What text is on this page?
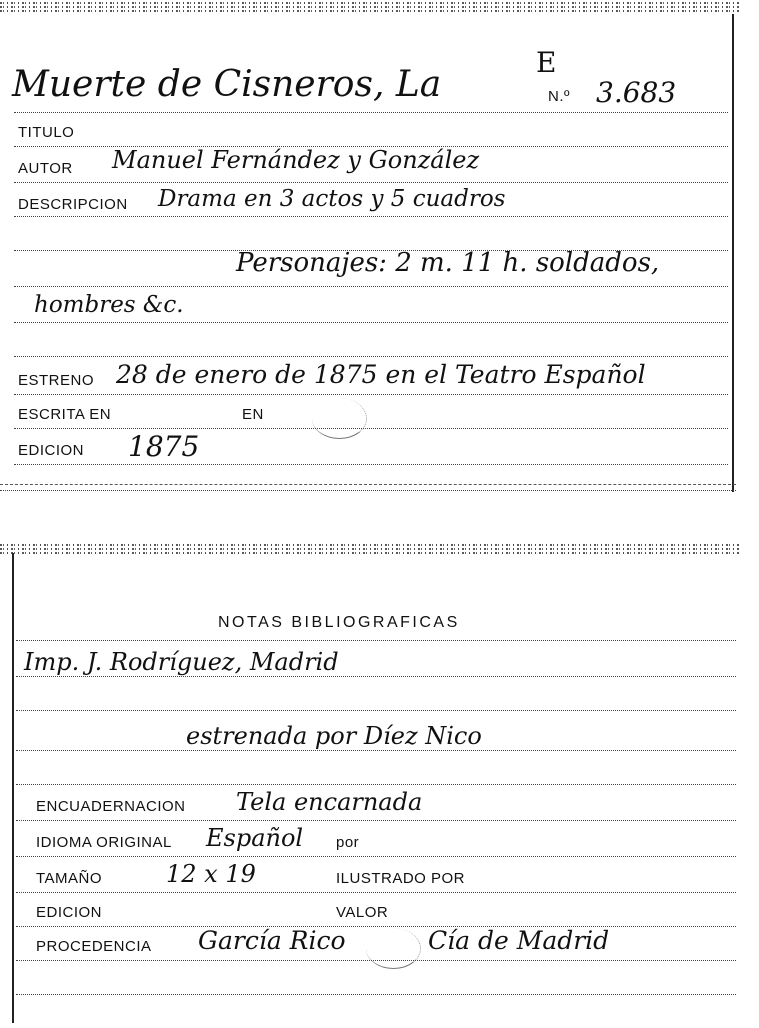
Muerte de Cisneros, La
E
N.º 3.683
TITULO
AUTOR Manuel Fernández y González
DESCRIPCION Drama en 3 actos y 5 cuadros
Personajes: 2 m. 11 h. soldados,
hombres &c.
ESTRENO 28 de enero de 1875 en el Teatro Español
ESCRITA EN	EN
EDICION 1875
NOTAS BIBLIOGRAFICAS
Imp. J. Rodríguez, Madrid
estrenada por Díez Nico
ENCUADERNACION Tela encarnada
IDIOMA ORIGINAL Español por
TAMAÑO	12 x 19	ILUSTRADO POR
EDICION	VALOR
PROCEDENCIA García Rico	Cía de Madrid
